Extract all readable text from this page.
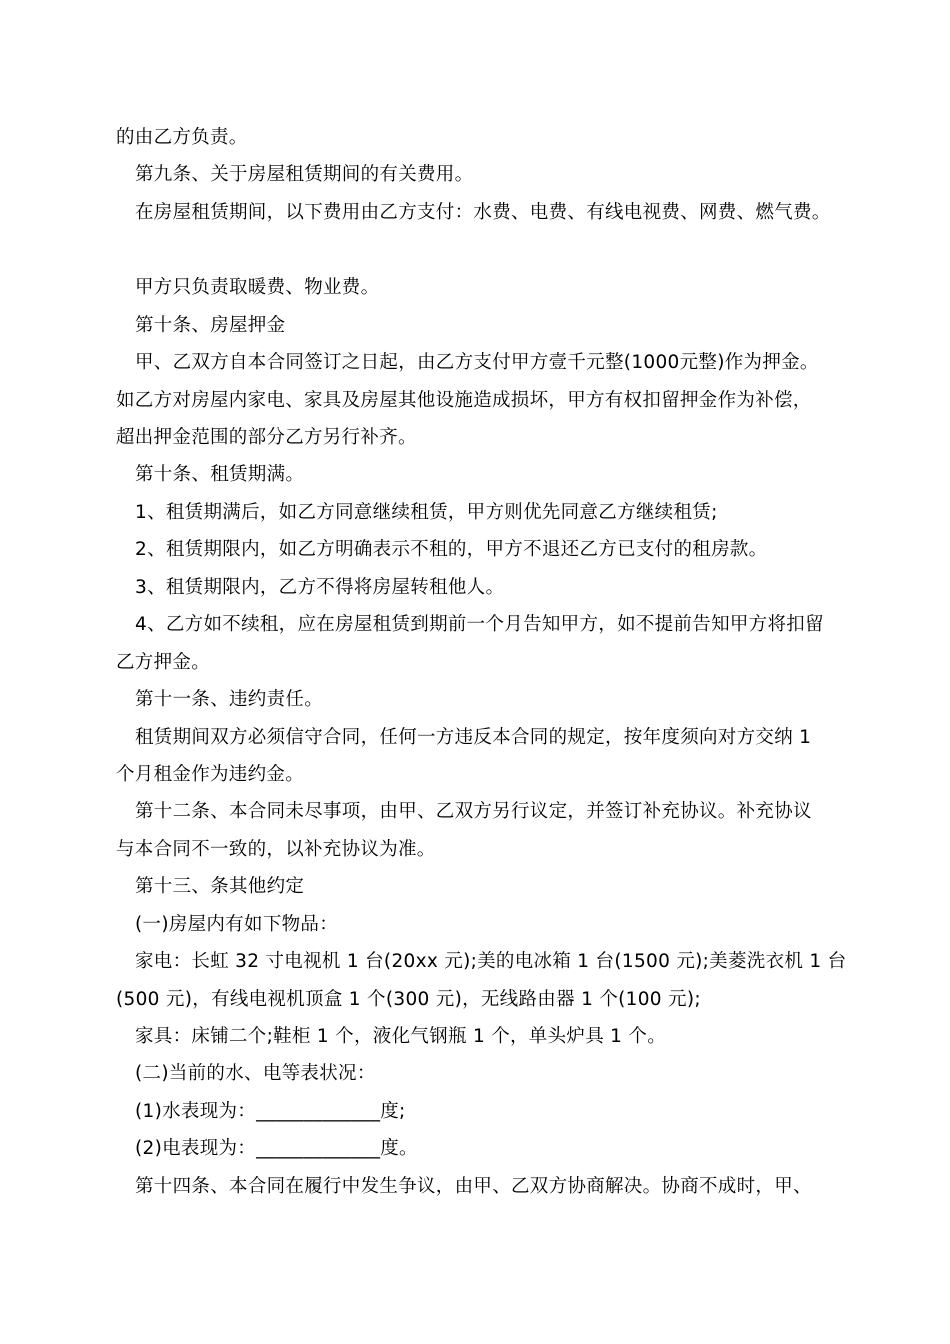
的由乙方负责。
第九条、关于房屋租赁期间的有关费用。
在房屋租赁期间，以下费用由乙方支付：水费、电费、有线电视费、网费、燃气费。
甲方只负责取暖费、物业费。
第十条、房屋押金
甲、乙双方自本合同签订之日起，由乙方支付甲方壹千元整(1000元整)作为押金。
如乙方对房屋内家电、家具及房屋其他设施造成损坏，甲方有权扣留押金作为补偿，
超出押金范围的部分乙方另行补齐。
第十条、租赁期满。
1、租赁期满后，如乙方同意继续租赁，甲方则优先同意乙方继续租赁;
2、租赁期限内，如乙方明确表示不租的，甲方不退还乙方已支付的租房款。
3、租赁期限内，乙方不得将房屋转租他人。
4、乙方如不续租，应在房屋租赁到期前一个月告知甲方，如不提前告知甲方将扣留
乙方押金。
第十一条、违约责任。
租赁期间双方必须信守合同，任何一方违反本合同的规定，按年度须向对方交纳 1
个月租金作为违约金。
第十二条、本合同未尽事项，由甲、乙双方另行议定，并签订补充协议。补充协议
与本合同不一致的，以补充协议为准。
第十三、条其他约定
(一)房屋内有如下物品：
家电：长虹 32 寸电视机 1 台(20xx 元);美的电冰箱 1 台(1500 元);美菱洗衣机 1 台
(500 元)，有线电视机顶盒 1 个(300 元)，无线路由器 1 个(100 元);
家具：床铺二个;鞋柜 1 个，液化气钢瓶 1 个，单头炉具 1 个。
(二)当前的水、电等表状况：
(1)水表现为：_____________度;
(2)电表现为：_____________度。
第十四条、本合同在履行中发生争议，由甲、乙双方协商解决。协商不成时，甲、
